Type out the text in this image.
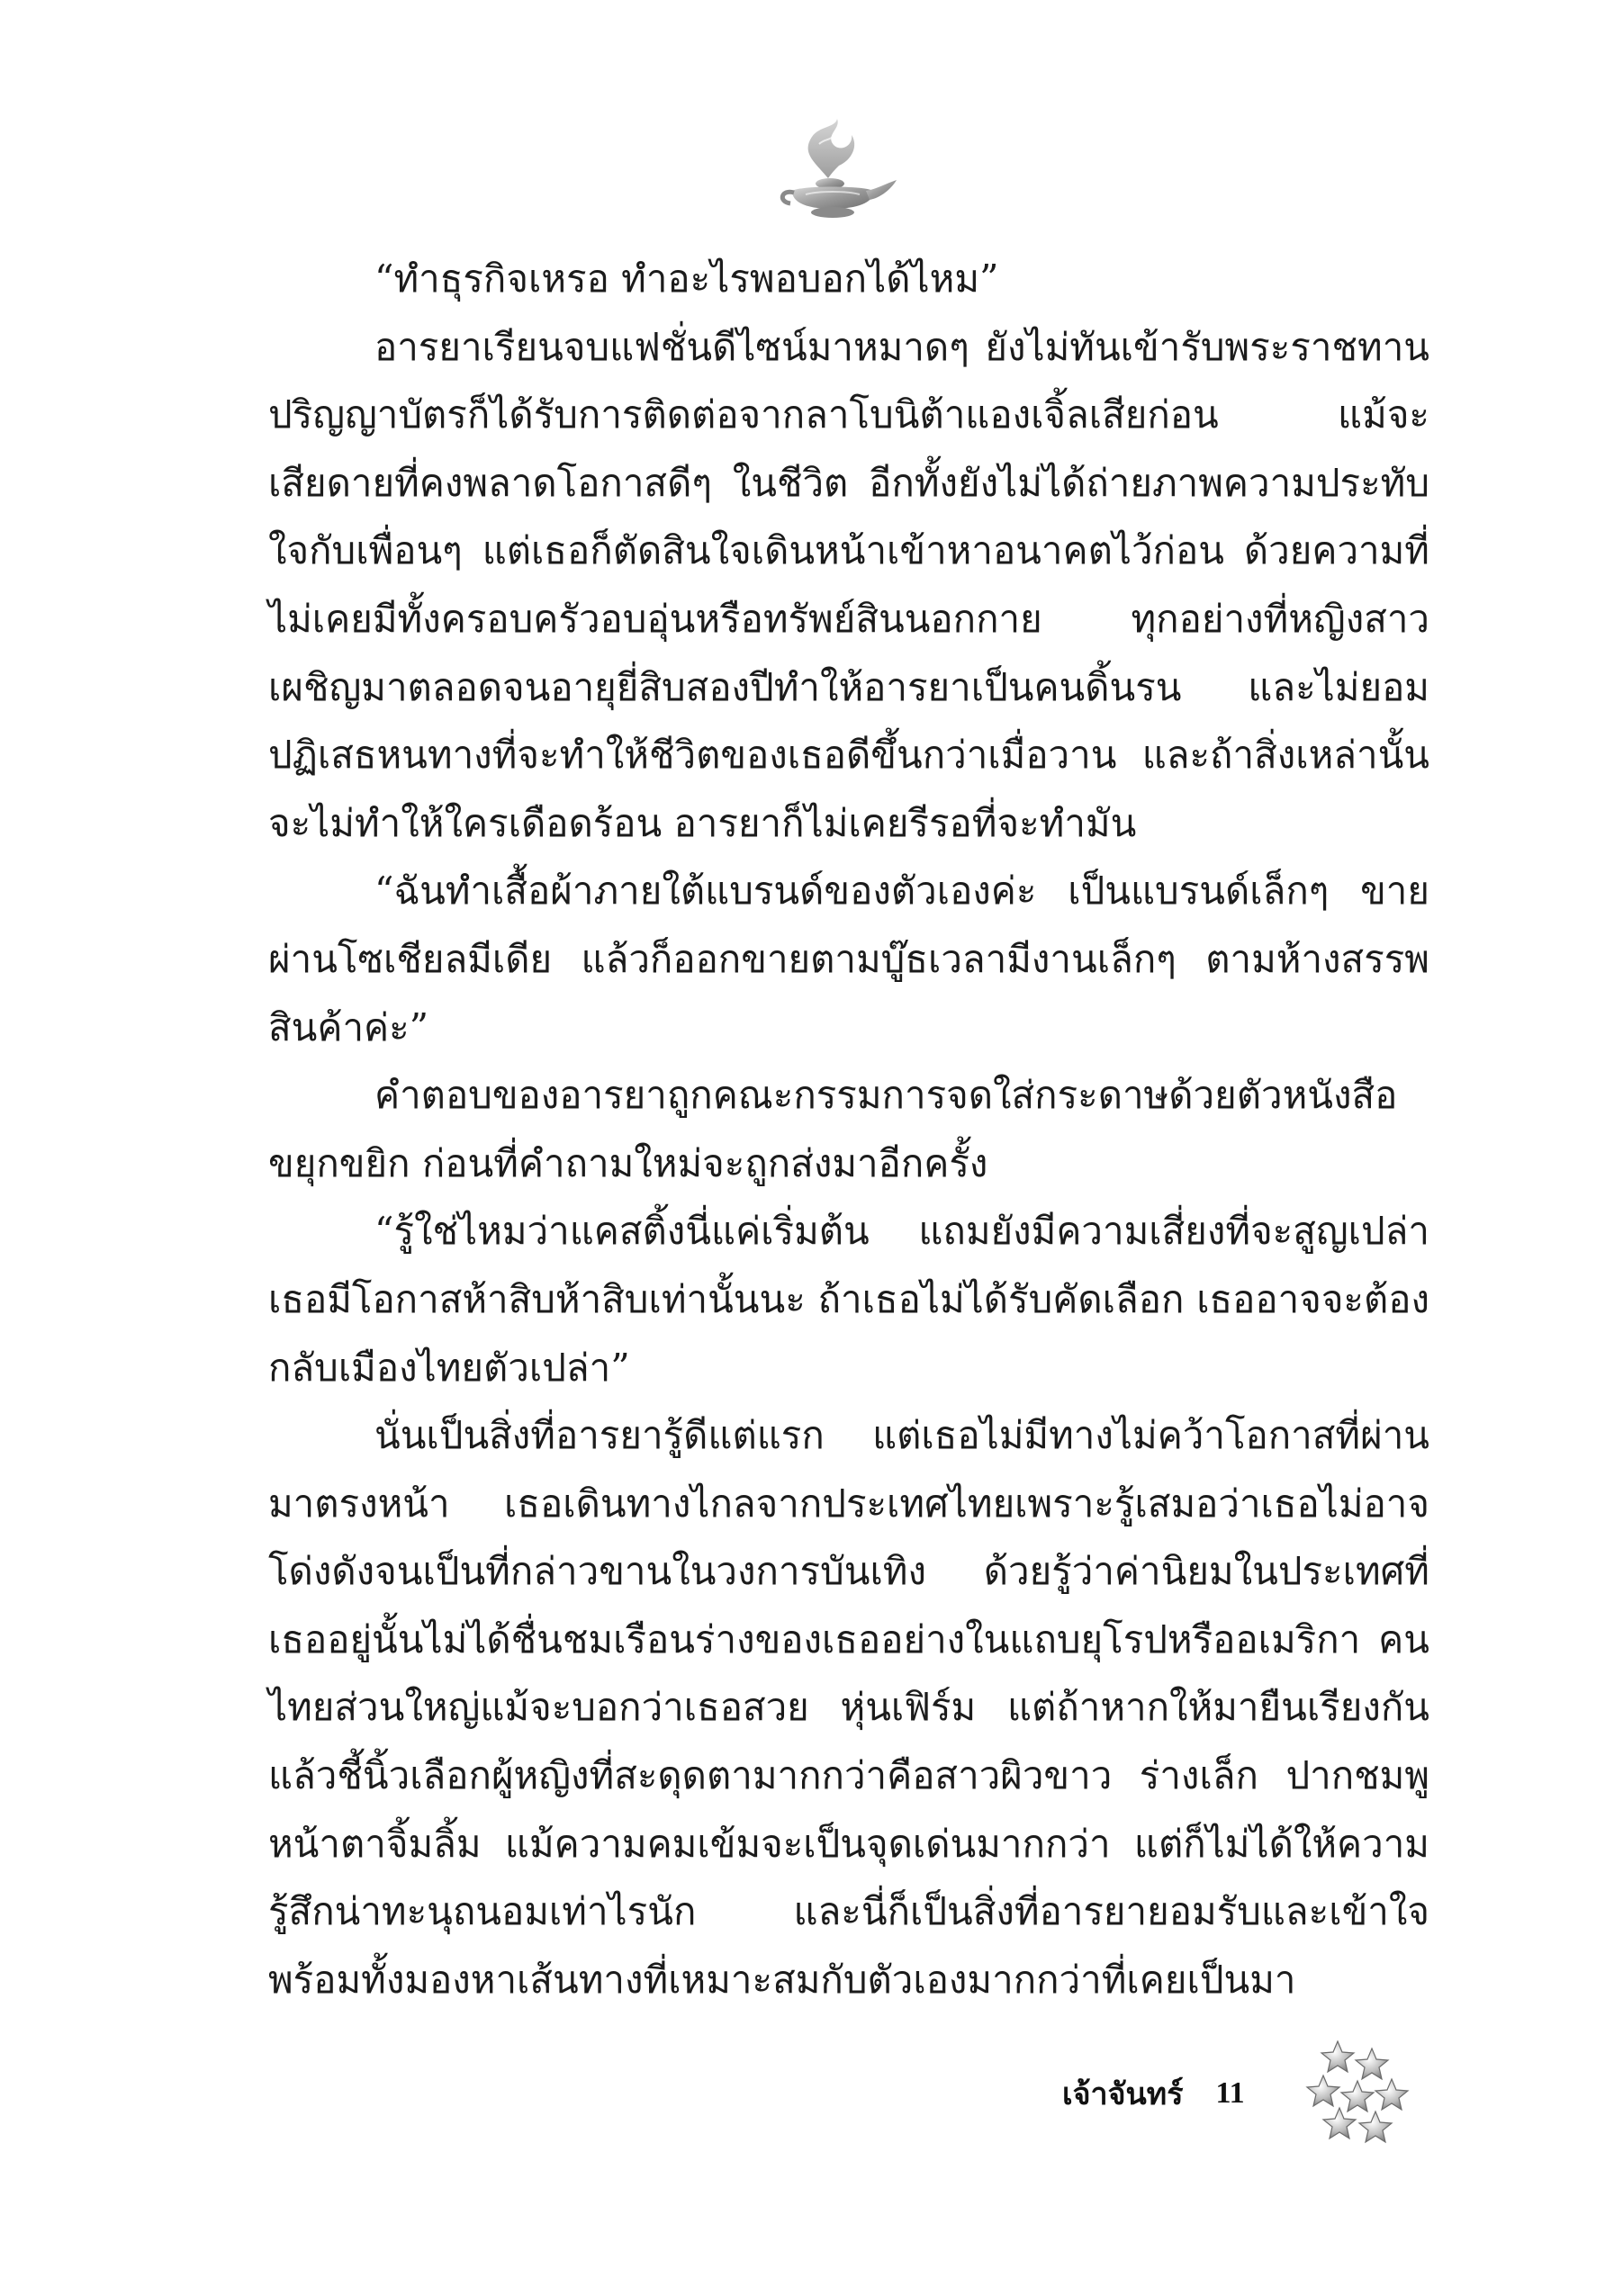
“ทำธุรกิจเหรอ ทำอะไรพอบอกได้ไหม”

อารยาเรียนจบแฟชั่นดีไซน์มาหมาดๆ ยังไม่ทันเข้ารับพระราชทานปริญญาบัตรก็ได้รับการติดต่อจากลาโบนิต้าแองเจิ้ลเสียก่อน แม้จะเสียดายที่คงพลาดโอกาสดีๆ ในชีวิต อีกทั้งยังไม่ได้ถ่ายภาพความประทับใจกับเพื่อนๆ แต่เธอก็ตัดสินใจเดินหน้าเข้าหาอนาคตไว้ก่อน ด้วยความที่ไม่เคยมีทั้งครอบครัวอบอุ่นหรือทรัพย์สินนอกกาย ทุกอย่างที่หญิงสาวเผชิญมาตลอดจนอายุยี่สิบสองปีทำให้อารยาเป็นคนดิ้นรน และไม่ยอมปฏิเสธหนทางที่จะทำให้ชีวิตของเธอดีขึ้นกว่าเมื่อวาน และถ้าสิ่งเหล่านั้นจะไม่ทำให้ใครเดือดร้อน อารยาก็ไม่เคยรีรอที่จะทำมัน

“ฉันทำเสื้อผ้าภายใต้แบรนด์ของตัวเองค่ะ เป็นแบรนด์เล็กๆ ขายผ่านโซเชียลมีเดีย แล้วก็ออกขายตามบู๊ธเวลามีงานเล็กๆ ตามห้างสรรพสินค้าค่ะ”

คำตอบของอารยาถูกคณะกรรมการจดใส่กระดาษด้วยตัวหนังสือขยุกขยิก ก่อนที่คำถามใหม่จะถูกส่งมาอีกครั้ง

“รู้ใช่ไหมว่าแคสติ้งนี่แค่เริ่มต้น แถมยังมีความเสี่ยงที่จะสูญเปล่า เธอมีโอกาสห้าสิบห้าสิบเท่านั้นนะ ถ้าเธอไม่ได้รับคัดเลือก เธออาจจะต้องกลับเมืองไทยตัวเปล่า”

นั่นเป็นสิ่งที่อารยารู้ดีแต่แรก แต่เธอไม่มีทางไม่คว้าโอกาสที่ผ่านมาตรงหน้า เธอเดินทางไกลจากประเทศไทยเพราะรู้เสมอว่าเธอไม่อาจโด่งดังจนเป็นที่กล่าวขานในวงการบันเทิง ด้วยรู้ว่าค่านิยมในประเทศที่เธออยู่นั้นไม่ได้ชื่นชมเรือนร่างของเธออย่างในแถบยุโรปหรืออเมริกา คนไทยส่วนใหญ่แม้จะบอกว่าเธอสวย หุ่นเฟิร์ม แต่ถ้าหากให้มายืนเรียงกันแล้วชี้นิ้วเลือกผู้หญิงที่สะดุดตามากกว่าคือสาวผิวขาว ร่างเล็ก ปากชมพู หน้าตาจิ้มลิ้ม แม้ความคมเข้มจะเป็นจุดเด่นมากกว่า แต่ก็ไม่ได้ให้ความรู้สึกน่าทะนุถนอมเท่าไรนัก และนี่ก็เป็นสิ่งที่อารยายอมรับและเข้าใจ พร้อมทั้งมองหาเส้นทางที่เหมาะสมกับตัวเองมากกว่าที่เคยเป็นมา

เจ้าจันทร์ 11
